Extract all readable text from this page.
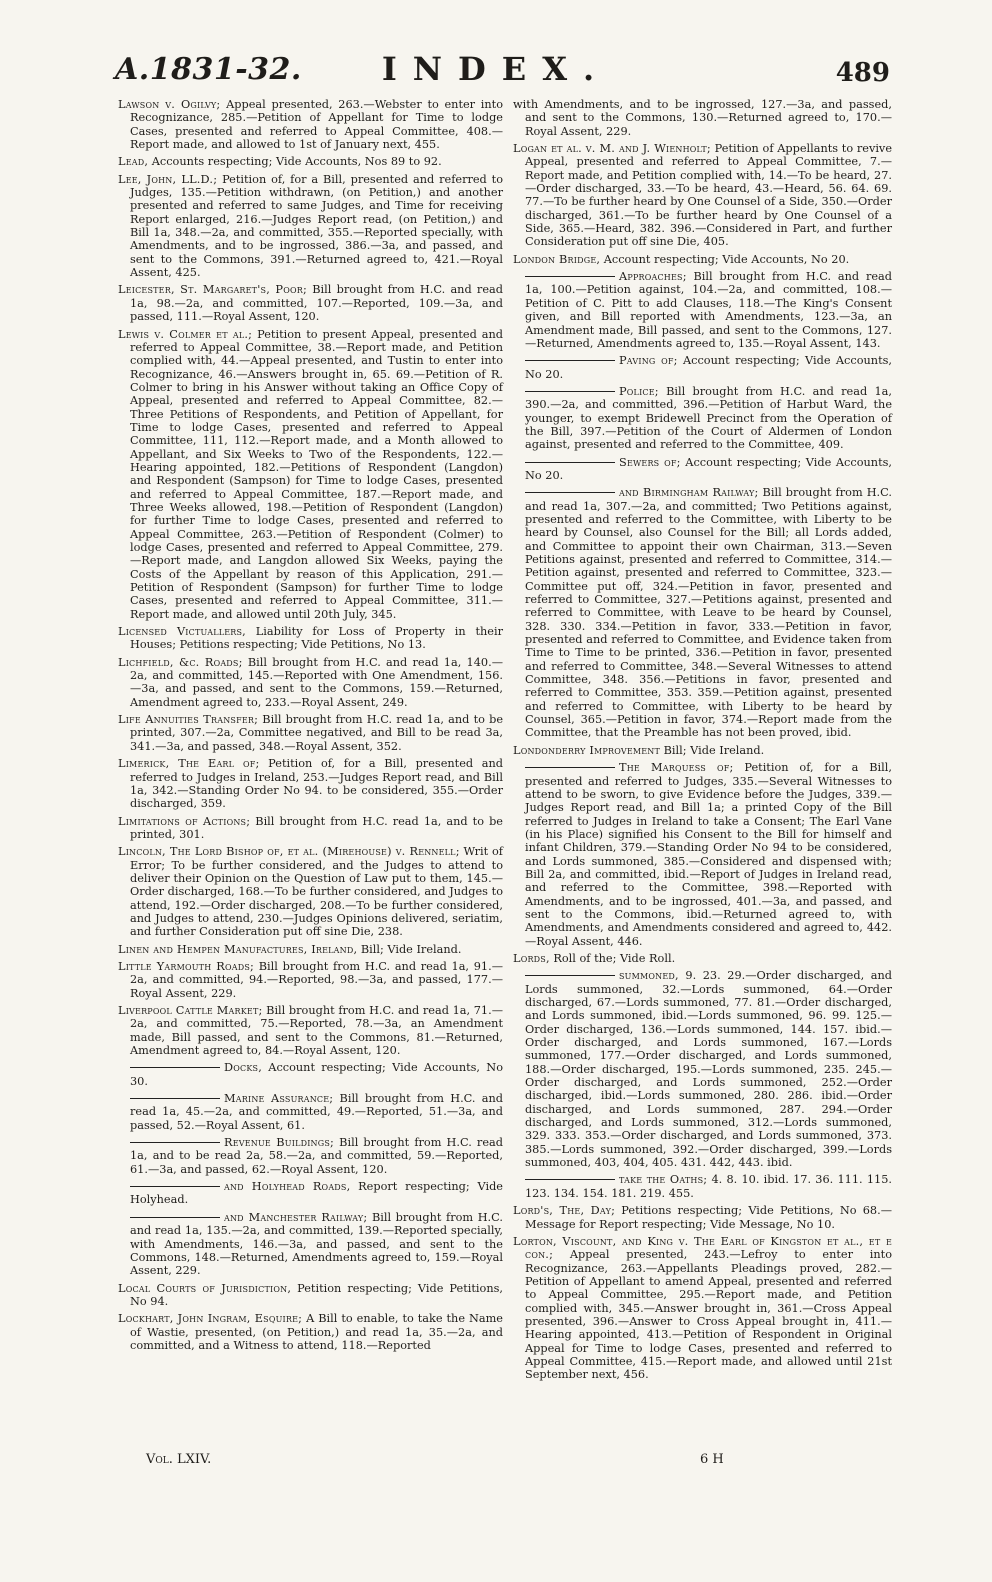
A.1831-32.	INDEX.	489

Lawson v. Ogilvy; Appeal presented, 263.—Webster to enter into Recognizance, 285.—Petition of Appellant for Time to lodge Cases, presented and referred to Appeal Committee, 408.—Report made, and allowed to 1st of January next, 455.

Lead, Accounts respecting; Vide Accounts, Nos 89 to 92.

Lee, John, LL.D.; Petition of, for a Bill, presented and referred to Judges, 135.—Petition withdrawn, (on Petition,) and another presented and referred to same Judges, and Time for receiving Report enlarged, 216.—Judges Report read, (on Petition,) and Bill 1a, 348.—2a, and committed, 355.—Reported specially, with Amendments, and to be ingrossed, 386.—3a, and passed, and sent to the Commons, 391.—Returned agreed to, 421.—Royal Assent, 425.

Leicester, St. Margaret's, Poor; Bill brought from H.C. and read 1a, 98.—2a, and committed, 107.—Reported, 109.—3a, and passed, 111.—Royal Assent, 120.

Lewis v. Colmer et al.; Petition to present Appeal, presented and referred to Appeal Committee, 38.—Report made, and Petition complied with, 44.—Appeal presented, and Tustin to enter into Recognizance, 46.—Answers brought in, 65. 69.—Petition of R. Colmer to bring in his Answer without taking an Office Copy of Appeal, presented and referred to Appeal Committee, 82.—Three Petitions of Respondents, and Petition of Appellant, for Time to lodge Cases, presented and referred to Appeal Committee, 111, 112.—Report made, and a Month allowed to Appellant, and Six Weeks to Two of the Respondents, 122.—Hearing appointed, 182.—Petitions of Respondent (Langdon) and Respondent (Sampson) for Time to lodge Cases, presented and referred to Appeal Committee, 187.—Report made, and Three Weeks allowed, 198.—Petition of Respondent (Langdon) for further Time to lodge Cases, presented and referred to Appeal Committee, 263.—Petition of Respondent (Colmer) to lodge Cases, presented and referred to Appeal Committee, 279.—Report made, and Langdon allowed Six Weeks, paying the Costs of the Appellant by reason of this Application, 291.—Petition of Respondent (Sampson) for further Time to lodge Cases, presented and referred to Appeal Committee, 311.—Report made, and allowed until 20th July, 345.

Licensed Victuallers, Liability for Loss of Property in their Houses; Petitions respecting; Vide Petitions, No 13.

Lichfield, &c. Roads; Bill brought from H.C. and read 1a, 140.—2a, and committed, 145.—Reported with One Amendment, 156.—3a, and passed, and sent to the Commons, 159.—Returned, Amendment agreed to, 233.—Royal Assent, 249.

Life Annuities Transfer; Bill brought from H.C. read 1a, and to be printed, 307.—2a, Committee negatived, and Bill to be read 3a, 341.—3a, and passed, 348.—Royal Assent, 352.

Limerick, The Earl of; Petition of, for a Bill, presented and referred to Judges in Ireland, 253.—Judges Report read, and Bill 1a, 342.—Standing Order No 94. to be considered, 355.—Order discharged, 359.

Limitations of Actions; Bill brought from H.C. read 1a, and to be printed, 301.

Lincoln, The Lord Bishop of, et al. (Mirehouse) v. Rennell; Writ of Error; To be further considered, and the Judges to attend to deliver their Opinion on the Question of Law put to them, 145.—Order discharged, 168.—To be further considered, and Judges to attend, 192.—Order discharged, 208.—To be further considered, and Judges to attend, 230.—Judges Opinions delivered, seriatim, and further Consideration put off sine Die, 238.

Linen and Hempen Manufactures, Ireland, Bill; Vide Ireland.

Little Yarmouth Roads; Bill brought from H.C. and read 1a, 91.—2a, and committed, 94.—Reported, 98.—3a, and passed, 177.—Royal Assent, 229.

Liverpool Cattle Market; Bill brought from H.C. and read 1a, 71.—2a, and committed, 75.—Reported, 78.—3a, an Amendment made, Bill passed, and sent to the Commons, 81.—Returned, Amendment agreed to, 84.—Royal Assent, 120.

Docks, Account respecting; Vide Accounts, No 30.

Marine Assurance; Bill brought from H.C. and read 1a, 45.—2a, and committed, 49.—Reported, 51.—3a, and passed, 52.—Royal Assent, 61.

Revenue Buildings; Bill brought from H.C. read 1a, and to be read 2a, 58.—2a, and committed, 59.—Reported, 61.—3a, and passed, 62.—Royal Assent, 120.

and Holyhead Roads, Report respecting; Vide Holyhead.

and Manchester Railway; Bill brought from H.C. and read 1a, 135.—2a, and committed, 139.—Reported specially, with Amendments, 146.—3a, and passed, and sent to the Commons, 148.—Returned, Amendments agreed to, 159.—Royal Assent, 229.

Local Courts of Jurisdiction, Petition respecting; Vide Petitions, No 94.

Lockhart, John Ingram, Esquire; A Bill to enable, to take the Name of Wastie, presented, (on Petition,) and read 1a, 35.—2a, and committed, and a Witness to attend, 118.—Reported

with Amendments, and to be ingrossed, 127.—3a, and passed, and sent to the Commons, 130.—Returned agreed to, 170.—Royal Assent, 229.

Logan et al. v. M. and J. Wienholt; Petition of Appellants to revive Appeal, presented and referred to Appeal Committee, 7.—Report made, and Petition complied with, 14.—To be heard, 27.—Order discharged, 33.—To be heard, 43.—Heard, 56. 64. 69. 77.—To be further heard by One Counsel of a Side, 350.—Order discharged, 361.—To be further heard by One Counsel of a Side, 365.—Heard, 382. 396.—Considered in Part, and further Consideration put off sine Die, 405.

London Bridge, Account respecting; Vide Accounts, No 20.

Approaches; Bill brought from H.C. and read 1a, 100.—Petition against, 104.—2a, and committed, 108.—Petition of C. Pitt to add Clauses, 118.—The King's Consent given, and Bill reported with Amendments, 123.—3a, an Amendment made, Bill passed, and sent to the Commons, 127.—Returned, Amendments agreed to, 135.—Royal Assent, 143.

Paving of; Account respecting; Vide Accounts, No 20.

Police; Bill brought from H.C. and read 1a, 390.—2a, and committed, 396.—Petition of Harbut Ward, the younger, to exempt Bridewell Precinct from the Operation of the Bill, 397.—Petition of the Court of Aldermen of London against, presented and referred to the Committee, 409.

Sewers of; Account respecting; Vide Accounts, No 20.

and Birmingham Railway; Bill brought from H.C. and read 1a, 307.—2a, and committed; Two Petitions against, presented and referred to the Committee, with Liberty to be heard by Counsel, also Counsel for the Bill; all Lords added, and Committee to appoint their own Chairman, 313.—Seven Petitions against, presented and referred to Committee, 314.—Petition against, presented and referred to Committee, 323.—Committee put off, 324.—Petition in favor, presented and referred to Committee, 327.—Petitions against, presented and referred to Committee, with Leave to be heard by Counsel, 328. 330. 334.—Petition in favor, 333.—Petition in favor, presented and referred to Committee, and Evidence taken from Time to Time to be printed, 336.—Petition in favor, presented and referred to Committee, 348.—Several Witnesses to attend Committee, 348. 356.—Petitions in favor, presented and referred to Committee, 353. 359.—Petition against, presented and referred to Committee, with Liberty to be heard by Counsel, 365.—Petition in favor, 374.—Report made from the Committee, that the Preamble has not been proved, ibid.

Londonderry Improvement Bill; Vide Ireland.

The Marquess of; Petition of, for a Bill, presented and referred to Judges, 335.—Several Witnesses to attend to be sworn, to give Evidence before the Judges, 339.—Judges Report read, and Bill 1a; a printed Copy of the Bill referred to Judges in Ireland to take a Consent; The Earl Vane (in his Place) signified his Consent to the Bill for himself and infant Children, 379.—Standing Order No 94 to be considered, and Lords summoned, 385.—Considered and dispensed with; Bill 2a, and committed, ibid.—Report of Judges in Ireland read, and referred to the Committee, 398.—Reported with Amendments, and to be ingrossed, 401.—3a, and passed, and sent to the Commons, ibid.—Returned agreed to, with Amendments, and Amendments considered and agreed to, 442.—Royal Assent, 446.

Lords, Roll of the; Vide Roll.

summoned, 9. 23. 29.—Order discharged, and Lords summoned, 32.—Lords summoned, 64.—Order discharged, 67.—Lords summoned, 77. 81.—Order discharged, and Lords summoned, ibid.—Lords summoned, 96. 99. 125.—Order discharged, 136.—Lords summoned, 144. 157. ibid.—Order discharged, and Lords summoned, 167.—Lords summoned, 177.—Order discharged, and Lords summoned, 188.—Order discharged, 195.—Lords summoned, 235. 245.—Order discharged, and Lords summoned, 252.—Order discharged, ibid.—Lords summoned, 280. 286. ibid.—Order discharged, and Lords summoned, 287. 294.—Order discharged, and Lords summoned, 312.—Lords summoned, 329. 333. 353.—Order discharged, and Lords summoned, 373. 385.—Lords summoned, 392.—Order discharged, 399.—Lords summoned, 403, 404, 405. 431. 442, 443. ibid.

take the Oaths; 4. 8. 10. ibid. 17. 36. 111. 115. 123. 134. 154. 181. 219. 455.

Lord's, The, Day; Petitions respecting; Vide Petitions, No 68.—Message for Report respecting; Vide Message, No 10.

Lorton, Viscount, and King v. The Earl of Kingston et al., et e con.; Appeal presented, 243.—Lefroy to enter into Recognizance, 263.—Appellants Pleadings proved, 282.—Petition of Appellant to amend Appeal, presented and referred to Appeal Committee, 295.—Report made, and Petition complied with, 345.—Answer brought in, 361.—Cross Appeal presented, 396.—Answer to Cross Appeal brought in, 411.—Hearing appointed, 413.—Petition of Respondent in Original Appeal for Time to lodge Cases, presented and referred to Appeal Committee, 415.—Report made, and allowed until 21st September next, 456.

Vol. LXIV.	6 H
